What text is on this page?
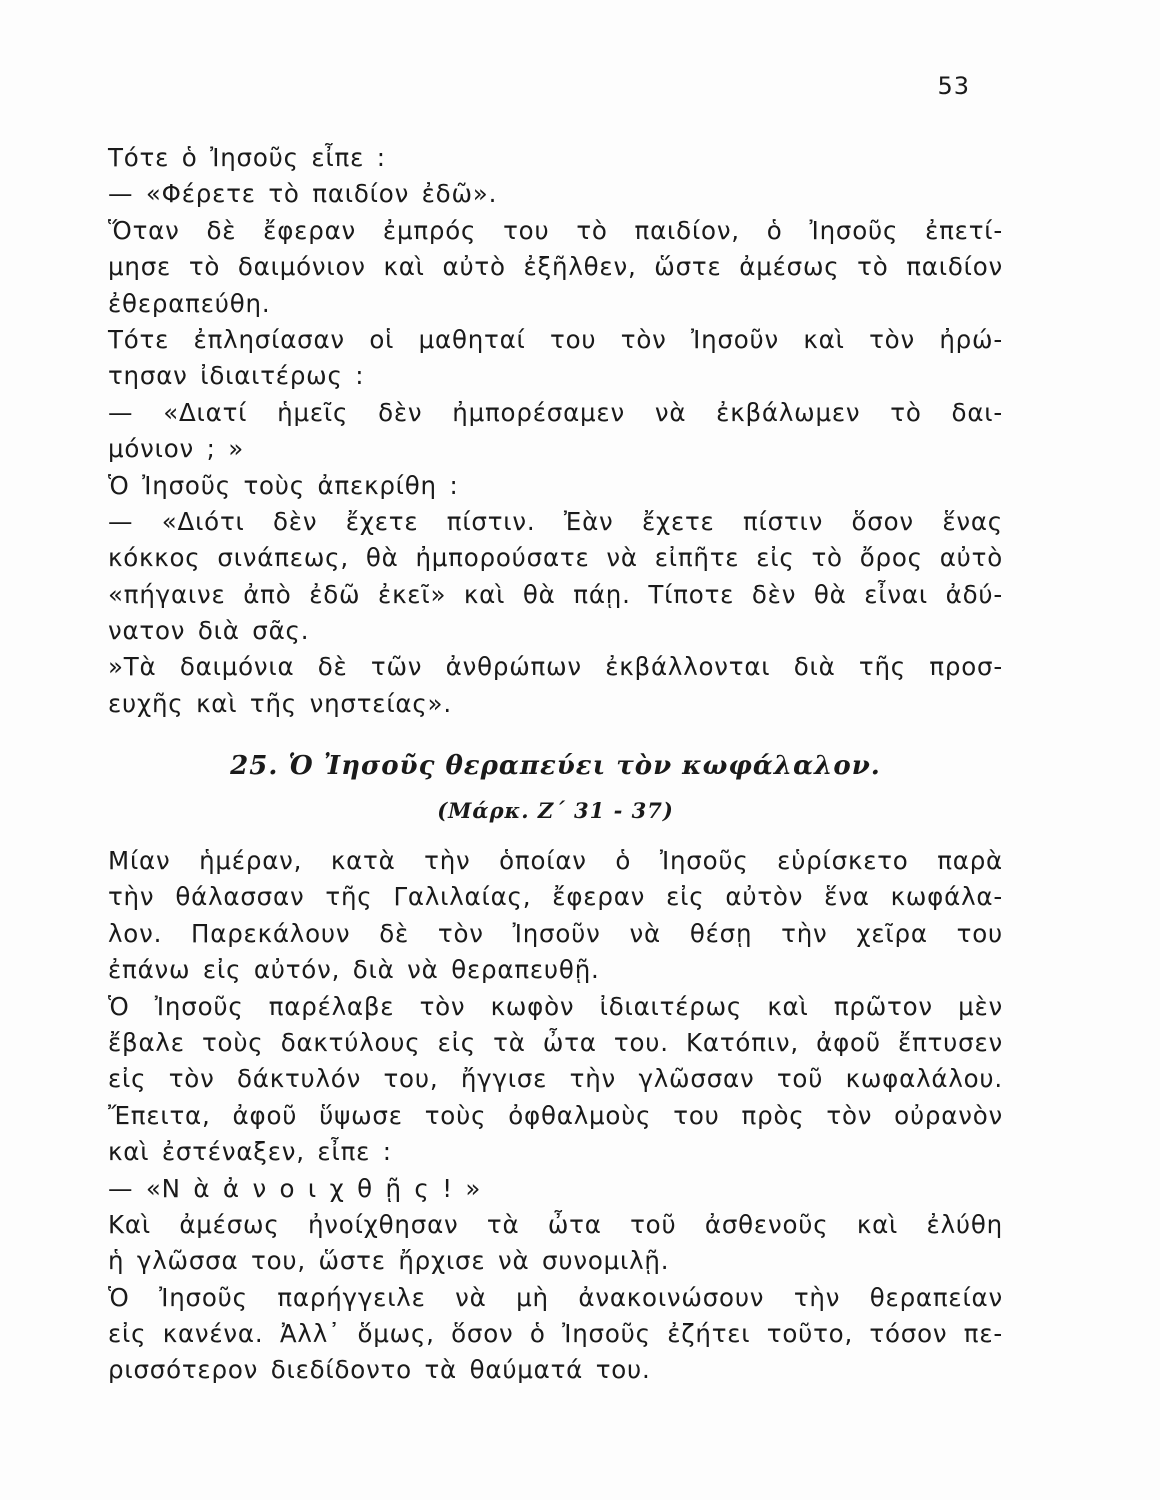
53
Τότε ὁ Ἰησοῦς εἶπε :
— «Φέρετε τὸ παιδίον ἐδῶ».
Ὅταν δὲ ἔφεραν ἐμπρός του τὸ παιδίον, ὁ Ἰησοῦς ἐπετί-
μησε τὸ δαιμόνιον καὶ αὐτὸ ἐξῆλθεν, ὥστε ἀμέσως τὸ παιδίον
ἐθεραπεύθη.
Τότε ἐπλησίασαν οἱ μαθηταί του τὸν Ἰησοῦν καὶ τὸν ἠρώ-
τησαν ἰδιαιτέρως :
— «Διατί ἡμεῖς δὲν ἠμπορέσαμεν νὰ ἐκβάλωμεν τὸ δαι-
μόνιον ; »
Ὁ Ἰησοῦς τοὺς ἀπεκρίθη :
— «Διότι δὲν ἔχετε πίστιν. Ἐὰν ἔχετε πίστιν ὅσον ἕνας
κόκκος σινάπεως, θὰ ἠμπορούσατε νὰ εἰπῆτε εἰς τὸ ὄρος αὐτὸ
«πήγαινε ἀπὸ ἐδῶ ἐκεῖ» καὶ θὰ πάῃ. Τίποτε δὲν θὰ εἶναι ἀδύ-
νατον διὰ σᾶς.
»Τὰ δαιμόνια δὲ τῶν ἀνθρώπων ἐκβάλλονται διὰ τῆς προσ-
ευχῆς καὶ τῆς νηστείας».
25. Ὁ Ἰησοῦς θεραπεύει τὸν κωφάλαλον.
(Μάρκ. Ζ΄ 31 - 37)
Μίαν ἡμέραν, κατὰ τὴν ὁποίαν ὁ Ἰησοῦς εὑρίσκετο παρὰ
τὴν θάλασσαν τῆς Γαλιλαίας, ἔφεραν εἰς αὐτὸν ἕνα κωφάλα-
λον. Παρεκάλουν δὲ τὸν Ἰησοῦν νὰ θέσῃ τὴν χεῖρα του
ἐπάνω εἰς αὐτόν, διὰ νὰ θεραπευθῇ.
Ὁ Ἰησοῦς παρέλαβε τὸν κωφὸν ἰδιαιτέρως καὶ πρῶτον μὲν
ἔβαλε τοὺς δακτύλους εἰς τὰ ὦτα του. Κατόπιν, ἀφοῦ ἔπτυσεν
εἰς τὸν δάκτυλόν του, ἤγγισε τὴν γλῶσσαν τοῦ κωφαλάλου.
Ἔπειτα, ἀφοῦ ὕψωσε τοὺς ὀφθαλμοὺς του πρὸς τὸν οὐρανὸν
καὶ ἐστέναξεν, εἶπε :
— «Ν ὰ ἀ ν ο ι χ θ ῇ ς ! »
Καὶ ἀμέσως ἠνοίχθησαν τὰ ὦτα τοῦ ἀσθενοῦς καὶ ἐλύθη
ἡ γλῶσσα του, ὥστε ἤρχισε νὰ συνομιλῇ.
Ὁ Ἰησοῦς παρήγγειλε νὰ μὴ ἀνακοινώσουν τὴν θεραπείαν
εἰς κανένα. Ἀλλ᾿ ὅμως, ὅσον ὁ Ἰησοῦς ἐζήτει τοῦτο, τόσον πε-
ρισσότερον διεδίδοντο τὰ θαύματά του.
